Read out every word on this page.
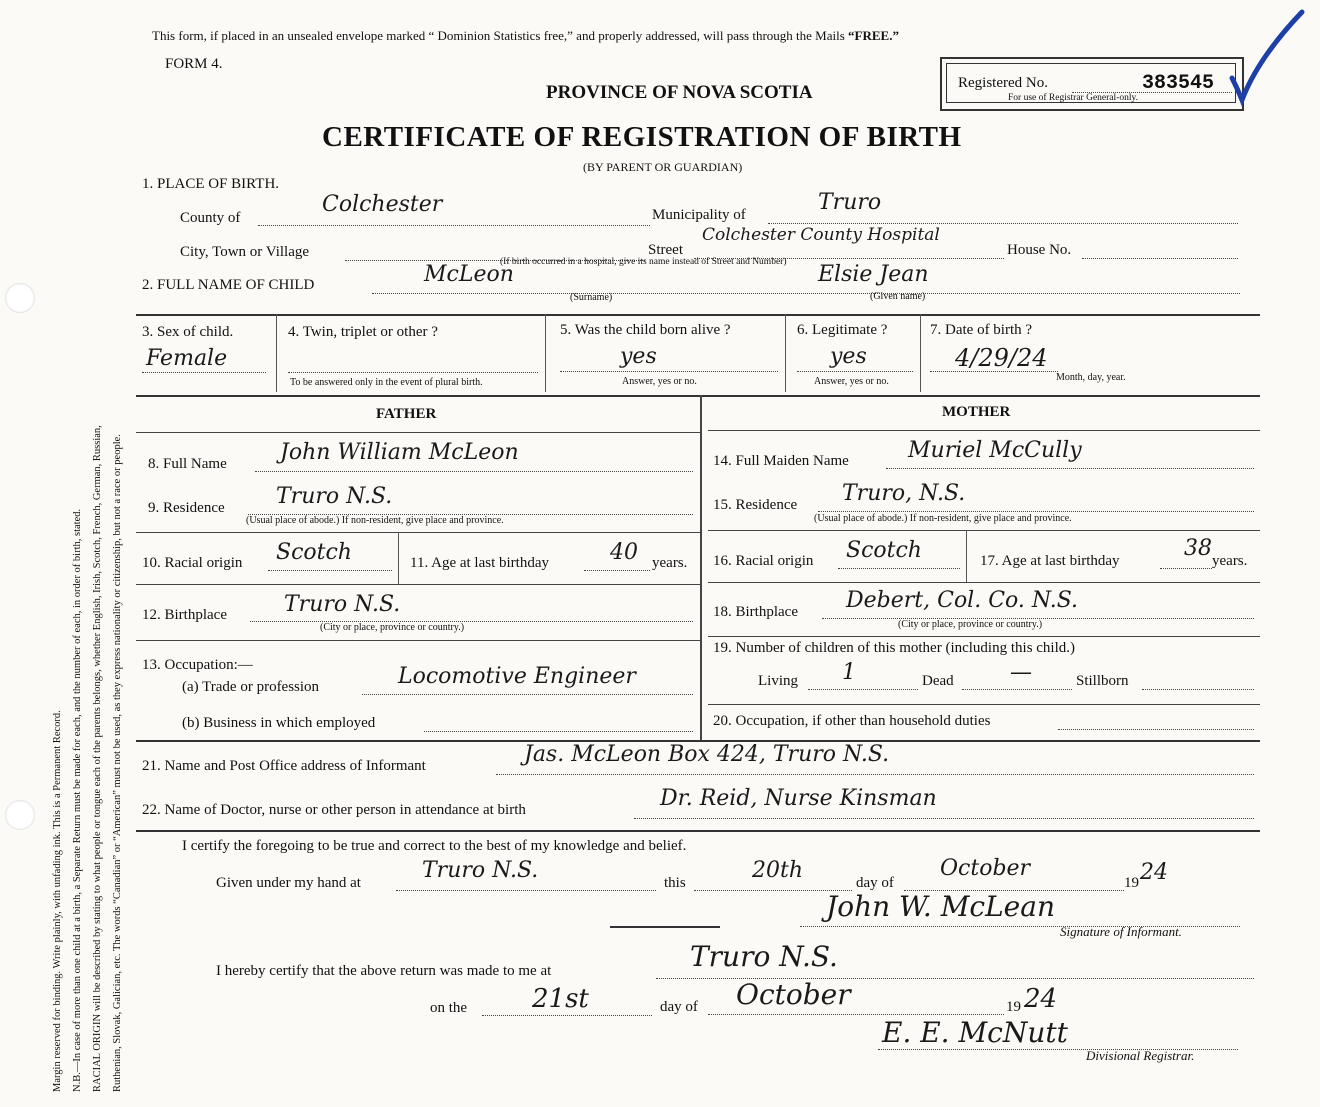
Margin reserved for binding. Write plainly, with unfading ink. This is a Permanent Record. N.B.—In case of more than one child at a birth, a Separate Return must be made for each, and the number of each, in order of birth, stated. RACIAL ORIGIN will be described by stating to what people or tongue each of the parents belongs, whether English, Irish, Scotch, French, German, Russian, Ruthenian, Slovak, Galician, etc. The words “Canadian” or “American” must not be used, as they express nationality or citizenship, but not a race or people.
This form, if placed in an unsealed envelope marked “ Dominion Statistics free,” and properly addressed, will pass through the Mails “FREE.”
FORM 4.
PROVINCE OF NOVA SCOTIA
CERTIFICATE OF REGISTRATION OF BIRTH
(BY PARENT OR GUARDIAN)
Registered No.	383545
For use of Registrar General-only.
1. PLACE OF BIRTH.
County of
Colchester	Municipality of	Truro
City, Town or Village	Street
Colchester County Hospital
House No.
(If birth occurred in a hospital, give its name instead of Street and Number)
2. FULL NAME OF CHILD	McLeon	Elsie Jean
(Surname)	(Given name)
3. Sex of child.
Female
4. Twin, triplet or other ?
To be answered only in the event of plural birth.
5. Was the child born alive ?
yes
Answer, yes or no.
6. Legitimate ?
yes
Answer, yes or no.
7. Date of birth ?
4/29/24
Month, day, year.
FATHER
8. Full Name John William McLeon
9. Residence Truro N.S.
(Usual place of abode.) If non-resident, give place and province.
10. Racial origin Scotch	11. Age at last birthday	40 years.
12. Birthplace	Truro N.S.
(City or place, province or country.)
13. Occupation:—
(a) Trade or profession	Locomotive Engineer
(b) Business in which employed
MOTHER
14. Full Maiden Name	Muriel McCully
15. Residence Truro, N.S.
(Usual place of abode.) If non-resident, give place and province.
16. Racial origin Scotch	17. Age at last birthday	38 years.
18. Birthplace Debert, Col. Co. N.S.
(City or place, province or country.)
19. Number of children of this mother (including this child.)
Living 1	Dead	—	Stillborn
20. Occupation, if other than household duties
21. Name and Post Office address of Informant	Jas. McLeon Box 424, Truro N.S.
22. Name of Doctor, nurse or other person in attendance at birth	Dr. Reid, Nurse Kinsman
I certify the foregoing to be true and correct to the best of my knowledge and belief.
Given under my hand at	Truro N.S.	this	20th	day of
October
19 24
John W. McLean
Signature of Informant.
I hereby certify that the above return was made to me at	Truro N.S.
on the 21st	day of October	19 24
E. E. McNutt
Divisional Registrar.
